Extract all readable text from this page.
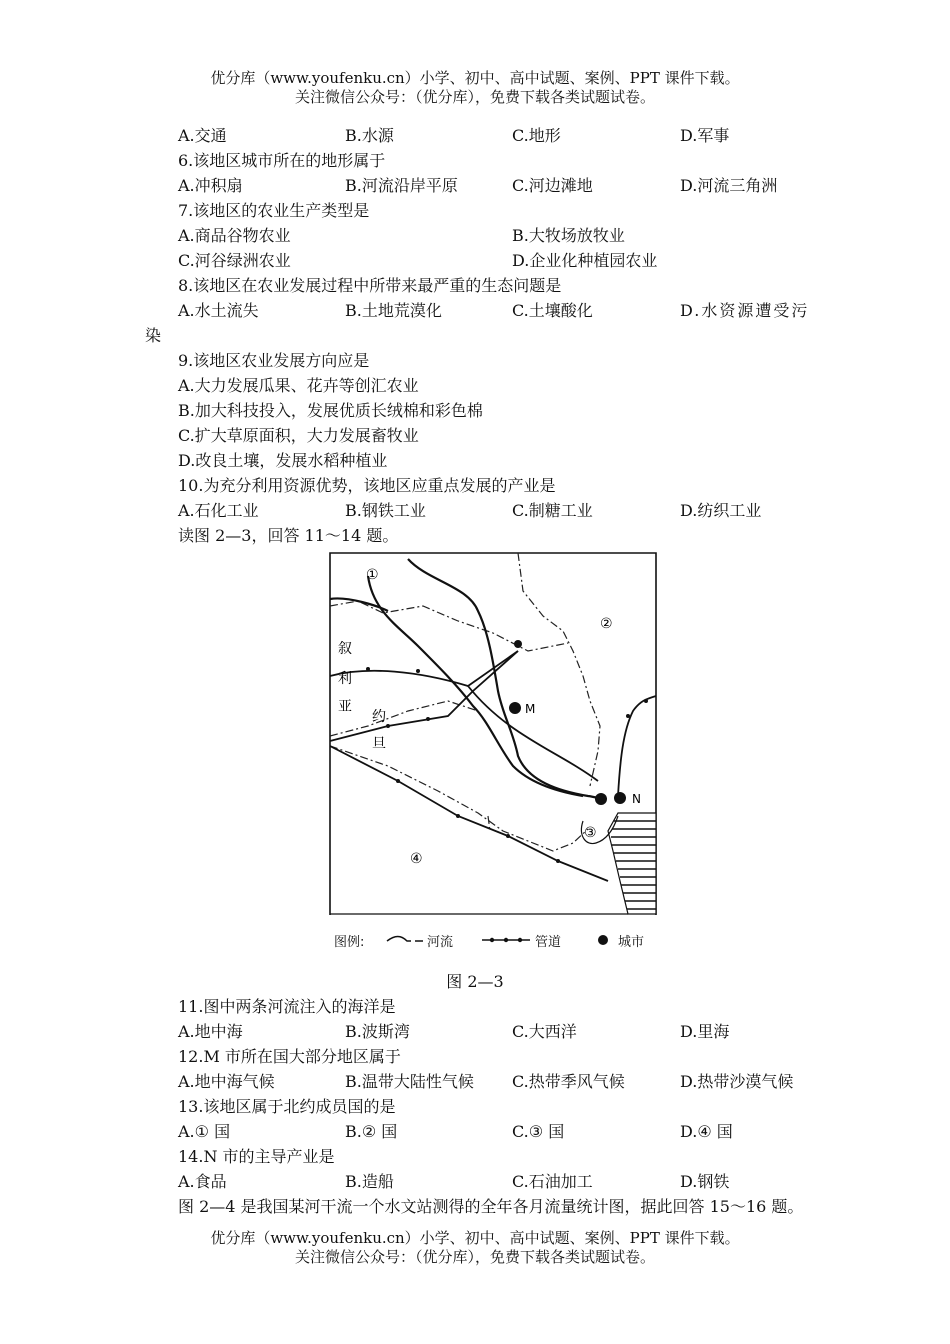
优分库（www.youfenku.cn）小学、初中、高中试题、案例、PPT 课件下载。
关注微信公众号：（优分库），免费下载各类试题试卷。
A.交通	B.水源	C.地形	D.军事
6.该地区城市所在的地形属于
A.冲积扇	B.河流沿岸平原	C.河边滩地	D.河流三角洲
7.该地区的农业生产类型是
A.商品谷物农业	B.大牧场放牧业
C.河谷绿洲农业	D.企业化种植园农业
8.该地区在农业发展过程中所带来最严重的生态问题是
A.水土流失	B.土地荒漠化	C.土壤酸化	D.水资源遭受污
染
9.该地区农业发展方向应是
A.大力发展瓜果、花卉等创汇农业
B.加大科技投入，发展优质长绒棉和彩色棉
C.扩大草原面积，大力发展畜牧业
D.改良土壤，发展水稻种植业
10.为充分利用资源优势，该地区应重点发展的产业是
A.石化工业	B.钢铁工业	C.制糖工业	D.纺织工业
读图 2—3，回答 11～14 题。
①
②
③
④
叙
利
亚
约
旦
M
N
图例:	河流	管道	城市
图 2—3
11.图中两条河流注入的海洋是
A.地中海	B.波斯湾	C.大西洋	D.里海
12.M 市所在国大部分地区属于
A.地中海气候	B.温带大陆性气候 C.热带季风气候	D.热带沙漠气候
13.该地区属于北约成员国的是
A.① 国	B.② 国	C.③ 国	D.④ 国
14.N 市的主导产业是
A.食品	B.造船	C.石油加工	D.钢铁
图 2—4 是我国某河干流一个水文站测得的全年各月流量统计图，据此回答 15～16 题。
优分库（www.youfenku.cn）小学、初中、高中试题、案例、PPT 课件下载。
关注微信公众号：（优分库），免费下载各类试题试卷。
